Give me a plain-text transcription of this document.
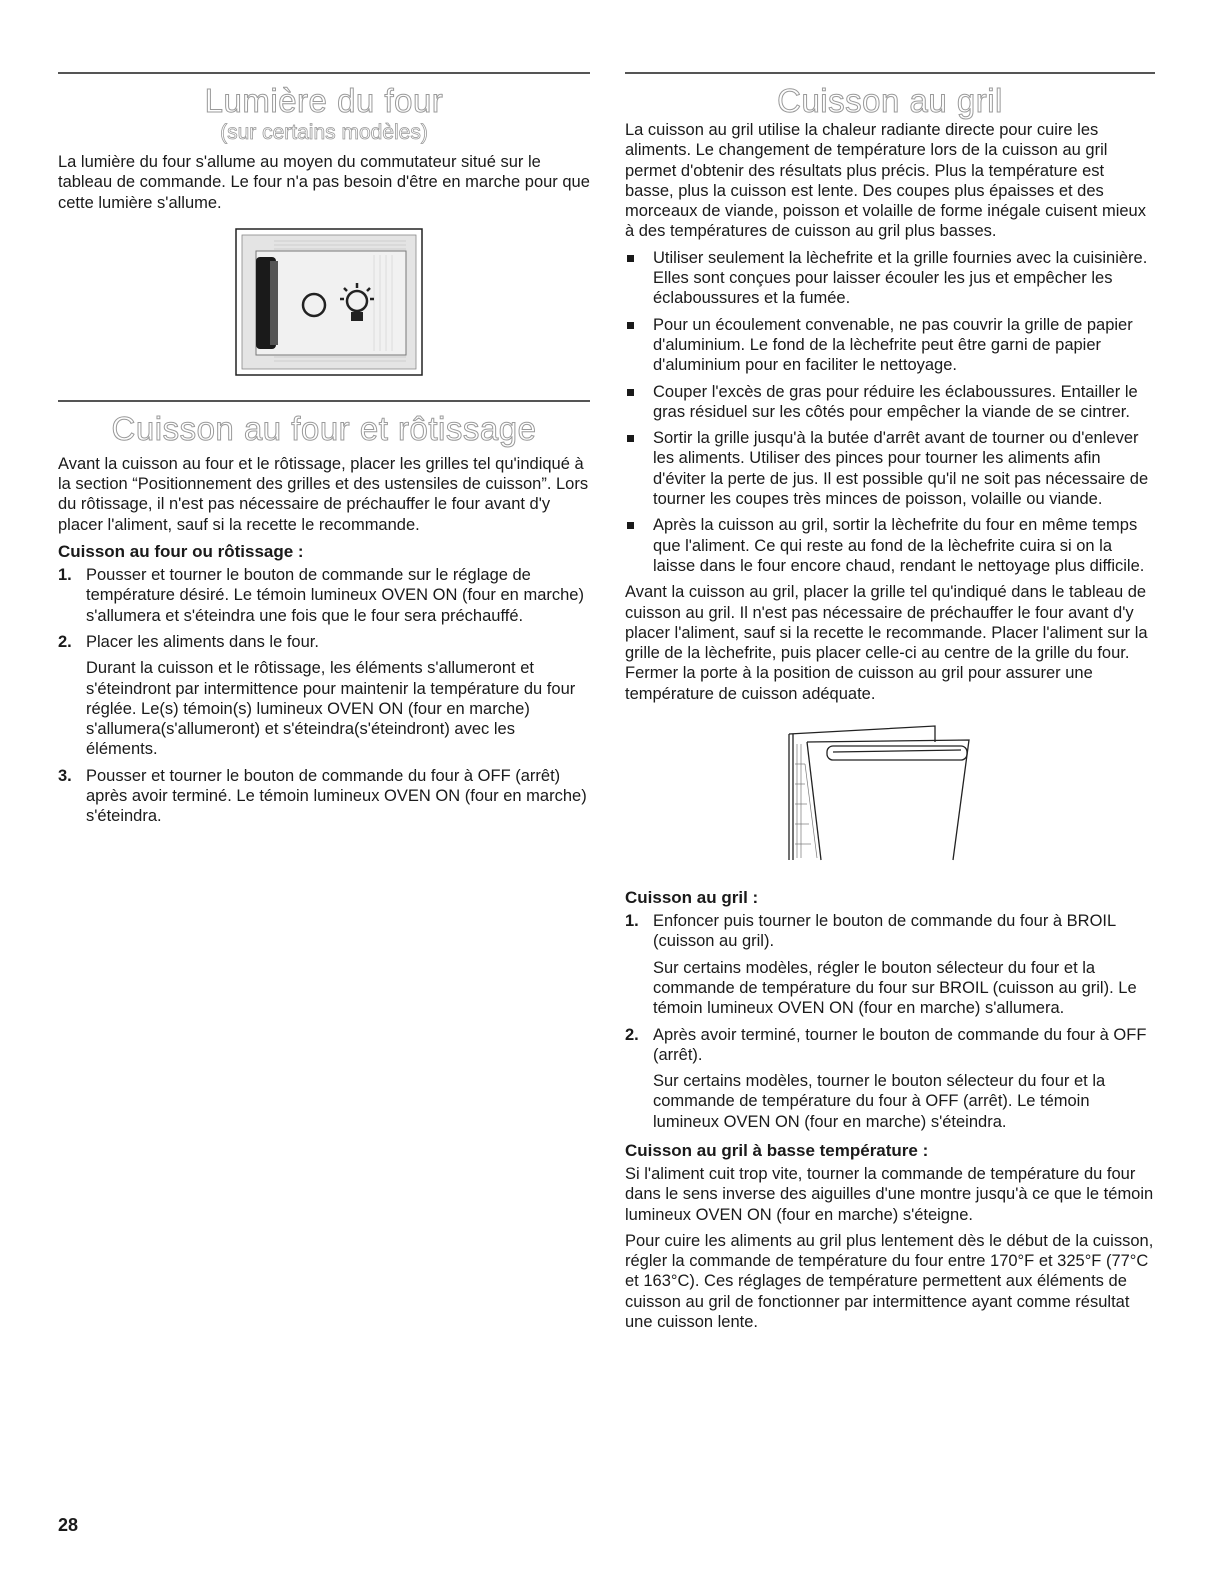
Lumière du four
(sur certains modèles)

La lumière du four s'allume au moyen du commutateur situé sur le tableau de commande. Le four n'a pas besoin d'être en marche pour que cette lumière s'allume.

Cuisson au four et rôtissage

Avant la cuisson au four et le rôtissage, placer les grilles tel qu'indiqué à la section “Positionnement des grilles et des ustensiles de cuisson”. Lors du rôtissage, il n'est pas nécessaire de préchauffer le four avant d'y placer l'aliment, sauf si la recette le recommande.

Cuisson au four ou rôtissage :
1. Pousser et tourner le bouton de commande sur le réglage de température désiré. Le témoin lumineux OVEN ON (four en marche) s'allumera et s'éteindra une fois que le four sera préchauffé.

2. Placer les aliments dans le four.

Durant la cuisson et le rôtissage, les éléments s'allumeront et s'éteindront par intermittence pour maintenir la température du four réglée. Le(s) témoin(s) lumineux OVEN ON (four en marche) s'allumera(s'allumeront) et s'éteindra(s'éteindront) avec les éléments.

3. Pousser et tourner le bouton de commande du four à OFF (arrêt) après avoir terminé. Le témoin lumineux OVEN ON (four en marche) s'éteindra.

Cuisson au gril

La cuisson au gril utilise la chaleur radiante directe pour cuire les aliments. Le changement de température lors de la cuisson au gril permet d'obtenir des résultats plus précis. Plus la température est basse, plus la cuisson est lente. Des coupes plus épaisses et des morceaux de viande, poisson et volaille de forme inégale cuisent mieux à des températures de cuisson au gril plus basses.

Utiliser seulement la lèchefrite et la grille fournies avec la cuisinière. Elles sont conçues pour laisser écouler les jus et empêcher les éclaboussures et la fumée.

Pour un écoulement convenable, ne pas couvrir la grille de papier d'aluminium. Le fond de la lèchefrite peut être garni de papier d'aluminium pour en faciliter le nettoyage.

Couper l'excès de gras pour réduire les éclaboussures. Entailler le gras résiduel sur les côtés pour empêcher la viande de se cintrer.

Sortir la grille jusqu'à la butée d'arrêt avant de tourner ou d'enlever les aliments. Utiliser des pinces pour tourner les aliments afin d'éviter la perte de jus. Il est possible qu'il ne soit pas nécessaire de tourner les coupes très minces de poisson, volaille ou viande.

Après la cuisson au gril, sortir la lèchefrite du four en même temps que l'aliment. Ce qui reste au fond de la lèchefrite cuira si on la laisse dans le four encore chaud, rendant le nettoyage plus difficile.

Avant la cuisson au gril, placer la grille tel qu'indiqué dans le tableau de cuisson au gril. Il n'est pas nécessaire de préchauffer le four avant d'y placer l'aliment, sauf si la recette le recommande. Placer l'aliment sur la grille de la lèchefrite, puis placer celle-ci au centre de la grille du four. Fermer la porte à la position de cuisson au gril pour assurer une température de cuisson adéquate.

Cuisson au gril :
1. Enfoncer puis tourner le bouton de commande du four à BROIL (cuisson au gril).

Sur certains modèles, régler le bouton sélecteur du four et la commande de température du four sur BROIL (cuisson au gril). Le témoin lumineux OVEN ON (four en marche) s'allumera.

2. Après avoir terminé, tourner le bouton de commande du four à OFF (arrêt).

Sur certains modèles, tourner le bouton sélecteur du four et la commande de température du four à OFF (arrêt). Le témoin lumineux OVEN ON (four en marche) s'éteindra.

Cuisson au gril à basse température :

Si l'aliment cuit trop vite, tourner la commande de température du four dans le sens inverse des aiguilles d'une montre jusqu'à ce que le témoin lumineux OVEN ON (four en marche) s'éteigne.

Pour cuire les aliments au gril plus lentement dès le début de la cuisson, régler la commande de température du four entre 170°F et 325°F (77°C et 163°C). Ces réglages de température permettent aux éléments de cuisson au gril de fonctionner par intermittence ayant comme résultat une cuisson lente.

28
